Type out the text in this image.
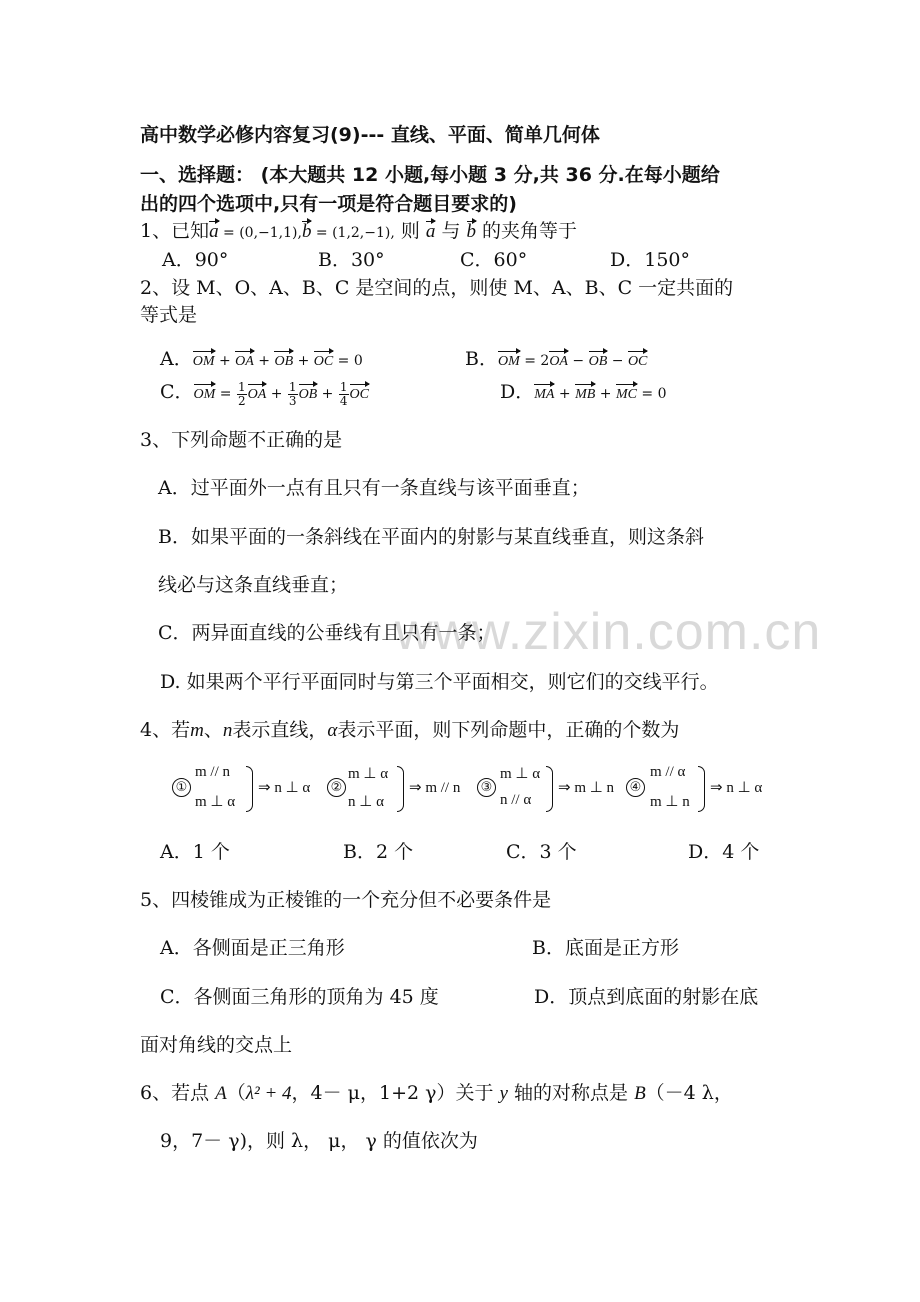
www.zixin.com.cn
高中数学必修内容复习(9)--- 直线、平面、简单几何体
一、选择题： (本大题共 12 小题,每小题 3 分,共 36 分.在每小题给
出的四个选项中,只有一项是符合题目要求的)
1、已知a = (0,−1,1),b = (1,2,−1), 则 a 与 b 的夹角等于
A．90°	B．30°	C．60°	D．150°
2、设 M、O、A、B、C 是空间的点，则使 M、A、B、C 一定共面的
等式是
A．OM + OA + OB + OC = 0	B．OM = 2OA − OB − OC
C．OM = $\frac{1}{2}$ OA + $\frac{1}{3}$ OB + $\frac{1}{4}$ OC	D．MA + MB + MC = 0
3、下列命题不正确的是
A．过平面外一点有且只有一条直线与该平面垂直；
B．如果平面的一条斜线在平面内的射影与某直线垂直，则这条斜
线必与这条直线垂直；
C．两异面直线的公垂线有且只有一条；
D. 如果两个平行平面同时与第三个平面相交，则它们的交线平行。
4、若m、n表示直线，α表示平面，则下列命题中，正确的个数为
①
m // n
m ⊥ α
⇒ n ⊥ α ②
m ⊥ α
n ⊥ α
⇒ m // n ③
m ⊥ α
n // α
⇒ m ⊥ n ④
m // α
m ⊥ n
⇒ n ⊥ α
A．1 个	B．2 个	C．3 个	D．4 个
5、四棱锥成为正棱锥的一个充分但不必要条件是
A．各侧面是正三角形	B．底面是正方形
C．各侧面三角形的顶角为 45 度	D．顶点到底面的射影在底
面对角线的交点上
6、若点 A（λ² + 4，4－ μ，1+2 γ）关于 y 轴的对称点是 B（－4 λ，
9，7－ γ)，则 λ， μ， γ 的值依次为
